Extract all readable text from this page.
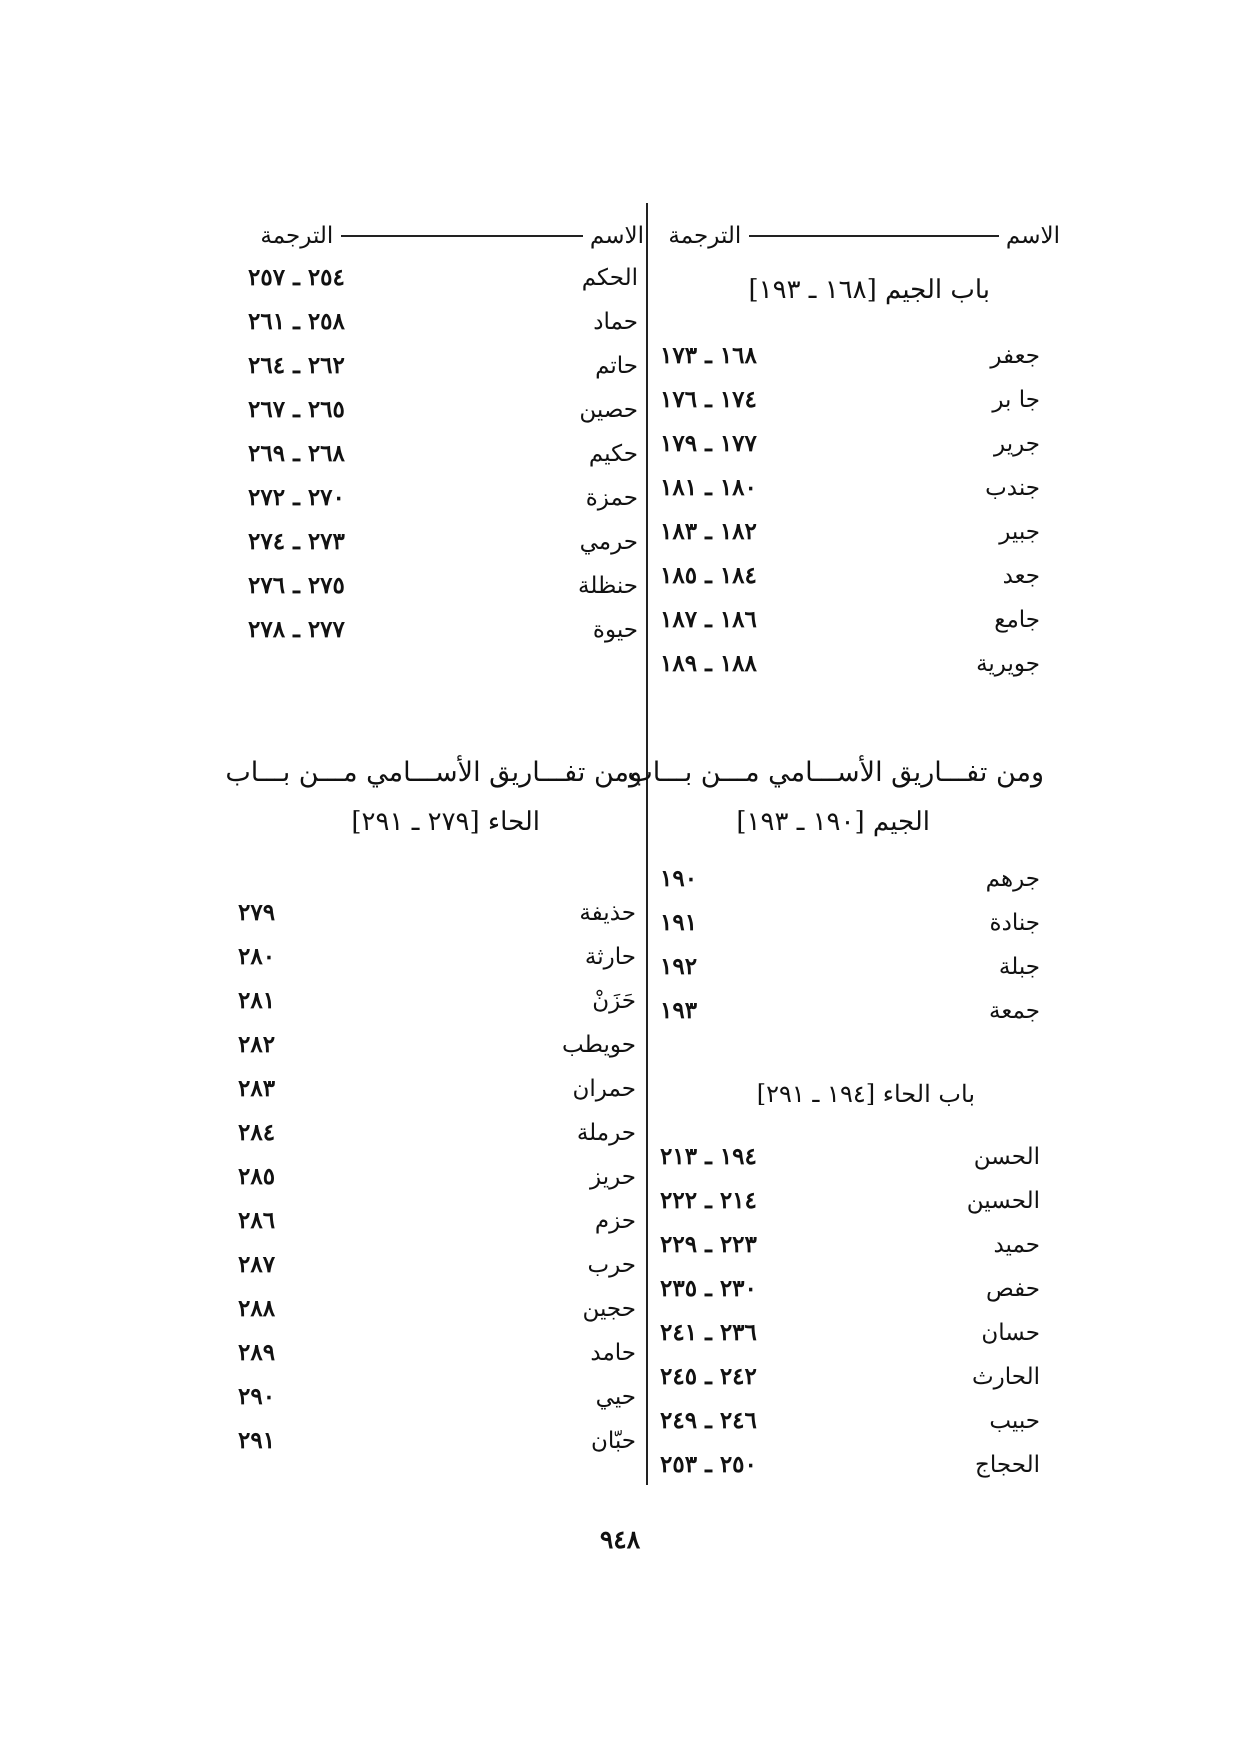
الاسم  الترجمة
الاسم  الترجمة
باب الجيم [١٦٨ ـ ١٩٣]
جعفر
١٦٨ ـ ١٧٣
جا بر
١٧٤ ـ ١٧٦
جرير
١٧٧ ـ ١٧٩
جندب
١٨٠ ـ ١٨١
جبير
١٨٢ ـ ١٨٣
جعد
١٨٤ ـ ١٨٥
جامع
١٨٦ ـ ١٨٧
جويرية
١٨٨ ـ ١٨٩
ومن تفـــاريق الأســـامي مـــن بـــاب
الجيم [١٩٠ ـ ١٩٣]
جرهم
١٩٠
جنادة
١٩١
جبلة
١٩٢
جمعة
١٩٣
باب الحاء [١٩٤ ـ ٢٩١]
الحسن
١٩٤ ـ ٢١٣
الحسين
٢١٤ ـ ٢٢٢
حميد
٢٢٣ ـ ٢٢٩
حفص
٢٣٠ ـ ٢٣٥
حسان
٢٣٦ ـ ٢٤١
الحارث
٢٤٢ ـ ٢٤٥
حبيب
٢٤٦ ـ ٢٤٩
الحجاج
٢٥٠ ـ ٢٥٣
الحكم
٢٥٤ ـ ٢٥٧
حماد
٢٥٨ ـ ٢٦١
حاتم
٢٦٢ ـ ٢٦٤
حصين
٢٦٥ ـ ٢٦٧
حكيم
٢٦٨ ـ ٢٦٩
حمزة
٢٧٠ ـ ٢٧٢
حرمي
٢٧٣ ـ ٢٧٤
حنظلة
٢٧٥ ـ ٢٧٦
حيوة
٢٧٧ ـ ٢٧٨
ومن تفـــاريق الأســـامي مـــن بـــاب
الحاء [٢٧٩ ـ ٢٩١]
حذيفة
٢٧٩
حارثة
٢٨٠
حَزَنْ
٢٨١
حويطب
٢٨٢
حمران
٢٨٣
حرملة
٢٨٤
حريز
٢٨٥
حزم
٢٨٦
حرب
٢٨٧
حجين
٢٨٨
حامد
٢٨٩
حيي
٢٩٠
حبّان
٢٩١
٩٤٨
